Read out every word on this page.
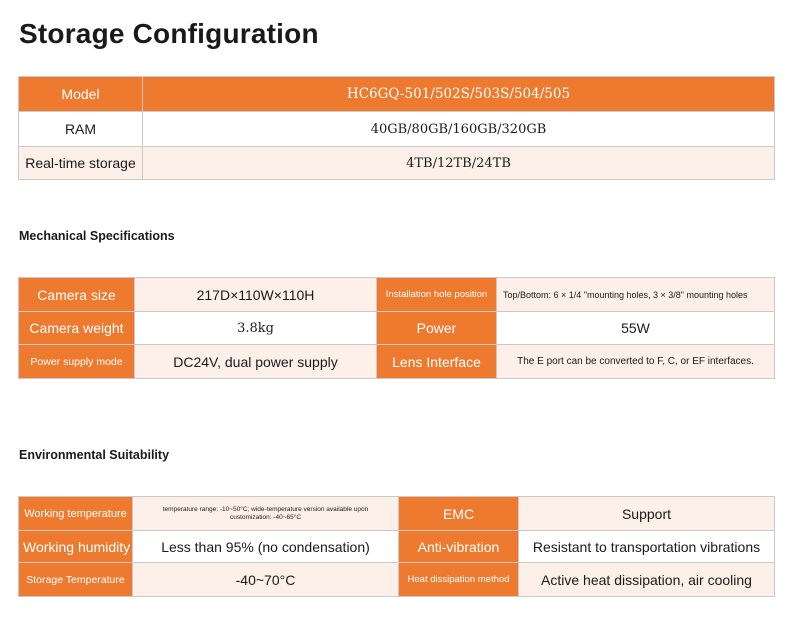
Storage Configuration
Model	HC6GQ-501/502S/503S/504/505
RAM	40GB/80GB/160GB/320GB
Real-time storage	4TB/12TB/24TB
Mechanical Specifications
Camera size	217D×110W×110H	Installation hole position	Top/Bottom: 6 × 1/4 "mounting holes, 3 × 3/8" mounting holes
Camera weight	3.8kg	Power	55W
Power supply mode	DC24V, dual power supply	Lens Interface	The E port can be converted to F, C, or EF interfaces.
Environmental Suitability
Working temperature	temperature range: -10~50°C; wide-temperature version available upon customization: -40~65°C	EMC	Support
Working humidity	Less than 95% (no condensation)	Anti-vibration	Resistant to transportation vibrations
Storage Temperature	-40~70°C	Heat dissipation method	Active heat dissipation, air cooling
